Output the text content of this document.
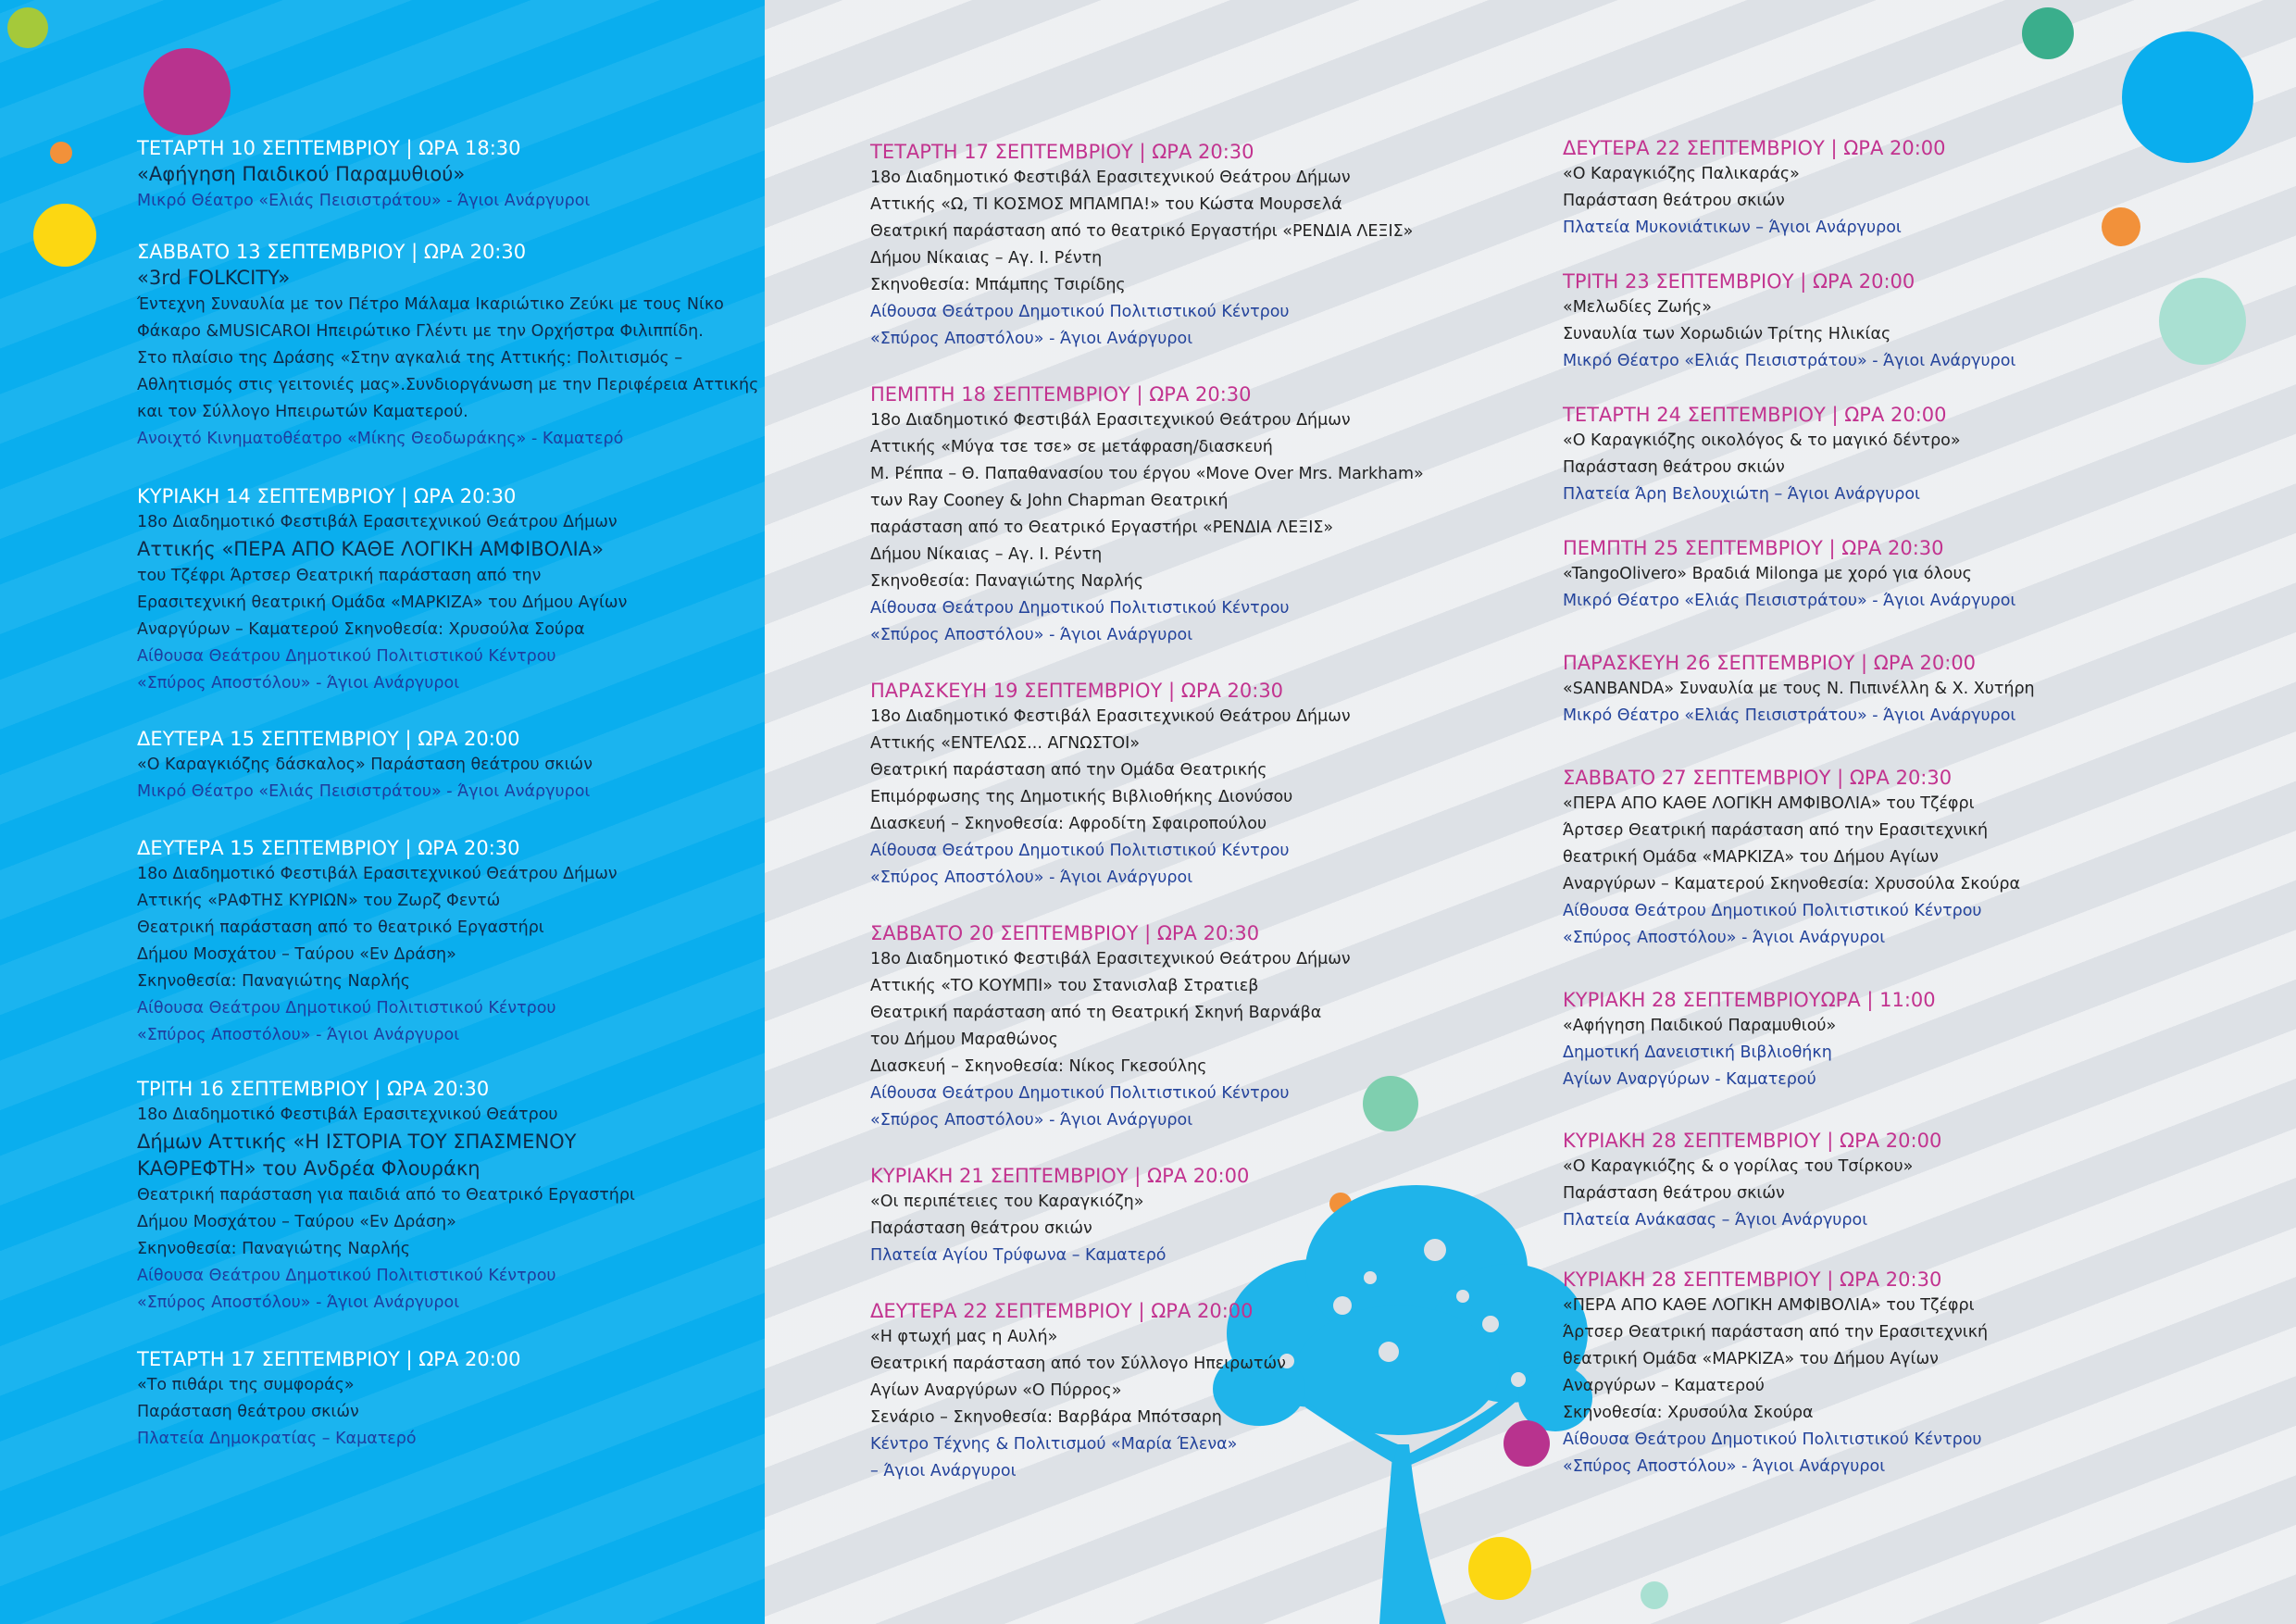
ΤΕΤΑΡΤΗ 10 ΣΕΠΤΕΜΒΡΙΟΥ | ΩΡΑ 18:30
«Αφήγηση Παιδικού Παραμυθιού»
Μικρό Θέατρο «Ελιάς Πεισιστράτου» - Άγιοι Ανάργυροι
ΣΑΒΒΑΤΟ 13 ΣΕΠΤΕΜΒΡΙΟΥ | ΩΡΑ 20:30
«3rd FOLKCITY»
Έντεχνη Συναυλία με τον Πέτρο Μάλαμα Ικαριώτικο Ζεύκι με τους Νίκο
Φάκαρο &MUSICAROI Ηπειρώτικο Γλέντι με την Ορχήστρα Φιλιππίδη.
Στο πλαίσιο της Δράσης «Στην αγκαλιά της Αττικής: Πολιτισμός –
Αθλητισμός στις γειτονιές μας».Συνδιοργάνωση με την Περιφέρεια Αττικής
και τον Σύλλογο Ηπειρωτών Καματερού.
Ανοιχτό Κινηματοθέατρο «Μίκης Θεοδωράκης» - Καματερό
ΚΥΡΙΑΚΗ 14 ΣΕΠΤΕΜΒΡΙΟΥ | ΩΡΑ 20:30
18ο Διαδημοτικό Φεστιβάλ Ερασιτεχνικού Θεάτρου Δήμων
Αττικής «ΠΕΡΑ ΑΠΟ ΚΑΘΕ ΛΟΓΙΚΗ ΑΜΦΙΒΟΛΙΑ»
του Τζέφρι Άρτσερ Θεατρική παράσταση από την
Ερασιτεχνική θεατρική Ομάδα «ΜΑΡΚΙΖΑ» του Δήμου Αγίων
Αναργύρων – Καματερού Σκηνοθεσία: Χρυσούλα Σούρα
Αίθουσα Θεάτρου Δημοτικού Πολιτιστικού Κέντρου
«Σπύρος Αποστόλου» - Άγιοι Ανάργυροι
ΔΕΥΤΕΡΑ 15 ΣΕΠΤΕΜΒΡΙΟΥ | ΩΡΑ 20:00
«Ο Καραγκιόζης δάσκαλος» Παράσταση θεάτρου σκιών
Μικρό Θέατρο «Ελιάς Πεισιστράτου» - Άγιοι Ανάργυροι
ΔΕΥΤΕΡΑ 15 ΣΕΠΤΕΜΒΡΙΟΥ | ΩΡΑ 20:30
18ο Διαδημοτικό Φεστιβάλ Ερασιτεχνικού Θεάτρου Δήμων
Αττικής «ΡΑΦΤΗΣ ΚΥΡΙΩΝ» του Ζωρζ Φεντώ
Θεατρική παράσταση από το θεατρικό Εργαστήρι
Δήμου Μοσχάτου – Ταύρου «Εν Δράση»
Σκηνοθεσία: Παναγιώτης Ναρλής
Αίθουσα Θεάτρου Δημοτικού Πολιτιστικού Κέντρου
«Σπύρος Αποστόλου» - Άγιοι Ανάργυροι
ΤΡΙΤΗ 16 ΣΕΠΤΕΜΒΡΙΟΥ | ΩΡΑ 20:30
18ο Διαδημοτικό Φεστιβάλ Ερασιτεχνικού Θεάτρου
Δήμων Αττικής «Η ΙΣΤΟΡΙΑ ΤΟΥ ΣΠΑΣΜΕΝΟΥ
ΚΑΘΡΕΦΤΗ» του Ανδρέα Φλουράκη
Θεατρική παράσταση για παιδιά από το Θεατρικό Εργαστήρι
Δήμου Μοσχάτου – Ταύρου «Εν Δράση»
Σκηνοθεσία: Παναγιώτης Ναρλής
Αίθουσα Θεάτρου Δημοτικού Πολιτιστικού Κέντρου
«Σπύρος Αποστόλου» - Άγιοι Ανάργυροι
ΤΕΤΑΡΤΗ 17 ΣΕΠΤΕΜΒΡΙΟΥ | ΩΡΑ 20:00
«Το πιθάρι της συμφοράς»
Παράσταση θεάτρου σκιών
Πλατεία Δημοκρατίας – Καματερό
ΤΕΤΑΡΤΗ 17 ΣΕΠΤΕΜΒΡΙΟΥ | ΩΡΑ 20:30
18ο Διαδημοτικό Φεστιβάλ Ερασιτεχνικού Θεάτρου Δήμων
Αττικής «Ω, ΤΙ ΚΟΣΜΟΣ ΜΠΑΜΠΑ!» του Κώστα Μουρσελά
Θεατρική παράσταση από το θεατρικό Εργαστήρι «ΡΕΝΔΙΑ ΛΕΞΙΣ»
Δήμου Νίκαιας – Αγ. Ι. Ρέντη
Σκηνοθεσία: Μπάμπης Τσιρίδης
Αίθουσα Θεάτρου Δημοτικού Πολιτιστικού Κέντρου
«Σπύρος Αποστόλου» - Άγιοι Ανάργυροι
ΠΕΜΠΤΗ 18 ΣΕΠΤΕΜΒΡΙΟΥ | ΩΡΑ 20:30
18ο Διαδημοτικό Φεστιβάλ Ερασιτεχνικού Θεάτρου Δήμων
Αττικής «Μύγα τσε τσε» σε μετάφραση/διασκευή
Μ. Ρέππα – Θ. Παπαθανασίου του έργου «Move Over Mrs. Markham»
των Ray Cooney & John Chapman Θεατρική
παράσταση από το Θεατρικό Εργαστήρι «ΡΕΝΔΙΑ ΛΕΞΙΣ»
Δήμου Νίκαιας – Αγ. Ι. Ρέντη
Σκηνοθεσία: Παναγιώτης Ναρλής
Αίθουσα Θεάτρου Δημοτικού Πολιτιστικού Κέντρου
«Σπύρος Αποστόλου» - Άγιοι Ανάργυροι
ΠΑΡΑΣΚΕΥΗ 19 ΣΕΠΤΕΜΒΡΙΟΥ | ΩΡΑ 20:30
18ο Διαδημοτικό Φεστιβάλ Ερασιτεχνικού Θεάτρου Δήμων
Αττικής «ΕΝΤΕΛΩΣ... ΑΓΝΩΣΤΟΙ»
Θεατρική παράσταση από την Ομάδα Θεατρικής
Επιμόρφωσης της Δημοτικής Βιβλιοθήκης Διονύσου
Διασκευή – Σκηνοθεσία: Αφροδίτη Σφαιροπούλου
Αίθουσα Θεάτρου Δημοτικού Πολιτιστικού Κέντρου
«Σπύρος Αποστόλου» - Άγιοι Ανάργυροι
ΣΑΒΒΑΤΟ 20 ΣΕΠΤΕΜΒΡΙΟΥ | ΩΡΑ 20:30
18ο Διαδημοτικό Φεστιβάλ Ερασιτεχνικού Θεάτρου Δήμων
Αττικής «ΤΟ ΚΟΥΜΠΙ» του Στανισλαβ Στρατιεβ
Θεατρική παράσταση από τη Θεατρική Σκηνή Βαρνάβα
του Δήμου Μαραθώνος
Διασκευή – Σκηνοθεσία: Νίκος Γκεσούλης
Αίθουσα Θεάτρου Δημοτικού Πολιτιστικού Κέντρου
«Σπύρος Αποστόλου» - Άγιοι Ανάργυροι
ΚΥΡΙΑΚΗ 21 ΣΕΠΤΕΜΒΡΙΟΥ | ΩΡΑ 20:00
«Οι περιπέτειες του Καραγκιόζη»
Παράσταση θεάτρου σκιών
Πλατεία Αγίου Τρύφωνα – Καματερό
ΔΕΥΤΕΡΑ 22 ΣΕΠΤΕΜΒΡΙΟΥ | ΩΡΑ 20:00
«Η φτωχή μας η Αυλή»
Θεατρική παράσταση από τον Σύλλογο Ηπειρωτών
Αγίων Αναργύρων «Ο Πύρρος»
Σενάριο – Σκηνοθεσία: Βαρβάρα Μπότσαρη
Κέντρο Τέχνης & Πολιτισμού «Μαρία Έλενα»
– Άγιοι Ανάργυροι
ΔΕΥΤΕΡΑ 22 ΣΕΠΤΕΜΒΡΙΟΥ | ΩΡΑ 20:00
«Ο Καραγκιόζης Παλικαράς»
Παράσταση θεάτρου σκιών
Πλατεία Μυκονιάτικων – Άγιοι Ανάργυροι
ΤΡΙΤΗ 23 ΣΕΠΤΕΜΒΡΙΟΥ | ΩΡΑ 20:00
«Μελωδίες Ζωής»
Συναυλία των Χορωδιών Τρίτης Ηλικίας
Μικρό Θέατρο «Ελιάς Πεισιστράτου» - Άγιοι Ανάργυροι
ΤΕΤΑΡΤΗ 24 ΣΕΠΤΕΜΒΡΙΟΥ | ΩΡΑ 20:00
«Ο Καραγκιόζης οικολόγος & το μαγικό δέντρο»
Παράσταση θεάτρου σκιών
Πλατεία Άρη Βελουχιώτη – Άγιοι Ανάργυροι
ΠΕΜΠΤΗ 25 ΣΕΠΤΕΜΒΡΙΟΥ | ΩΡΑ 20:30
«TangoOlivero» Βραδιά Milonga με χορό για όλους
Μικρό Θέατρο «Ελιάς Πεισιστράτου» - Άγιοι Ανάργυροι
ΠΑΡΑΣΚΕΥΗ 26 ΣΕΠΤΕΜΒΡΙΟΥ | ΩΡΑ 20:00
«SANBANDA» Συναυλία με τους Ν. Πιπινέλλη & Χ. Χυτήρη
Μικρό Θέατρο «Ελιάς Πεισιστράτου» - Άγιοι Ανάργυροι
ΣΑΒΒΑΤΟ 27 ΣΕΠΤΕΜΒΡΙΟΥ | ΩΡΑ 20:30
«ΠΕΡΑ ΑΠΟ ΚΑΘΕ ΛΟΓΙΚΗ ΑΜΦΙΒΟΛΙΑ» του Τζέφρι
Άρτσερ Θεατρική παράσταση από την Ερασιτεχνική
θεατρική Ομάδα «ΜΑΡΚΙΖΑ» του Δήμου Αγίων
Αναργύρων – Καματερού Σκηνοθεσία: Χρυσούλα Σκούρα
Αίθουσα Θεάτρου Δημοτικού Πολιτιστικού Κέντρου
«Σπύρος Αποστόλου» - Άγιοι Ανάργυροι
ΚΥΡΙΑΚΗ 28 ΣΕΠΤΕΜΒΡΙΟΥΩΡΑ | 11:00
«Αφήγηση Παιδικού Παραμυθιού»
Δημοτική Δανειστική Βιβλιοθήκη
Αγίων Αναργύρων - Καματερού
ΚΥΡΙΑΚΗ 28 ΣΕΠΤΕΜΒΡΙΟΥ | ΩΡΑ 20:00
«Ο Καραγκιόζης & ο γορίλας του Τσίρκου»
Παράσταση θεάτρου σκιών
Πλατεία Ανάκασας – Άγιοι Ανάργυροι
ΚΥΡΙΑΚΗ 28 ΣΕΠΤΕΜΒΡΙΟΥ | ΩΡΑ 20:30
«ΠΕΡΑ ΑΠΟ ΚΑΘΕ ΛΟΓΙΚΗ ΑΜΦΙΒΟΛΙΑ» του Τζέφρι
Άρτσερ Θεατρική παράσταση από την Ερασιτεχνική
θεατρική Ομάδα «ΜΑΡΚΙΖΑ» του Δήμου Αγίων
Αναργύρων – Καματερού
Σκηνοθεσία: Χρυσούλα Σκούρα
Αίθουσα Θεάτρου Δημοτικού Πολιτιστικού Κέντρου
«Σπύρος Αποστόλου» - Άγιοι Ανάργυροι
